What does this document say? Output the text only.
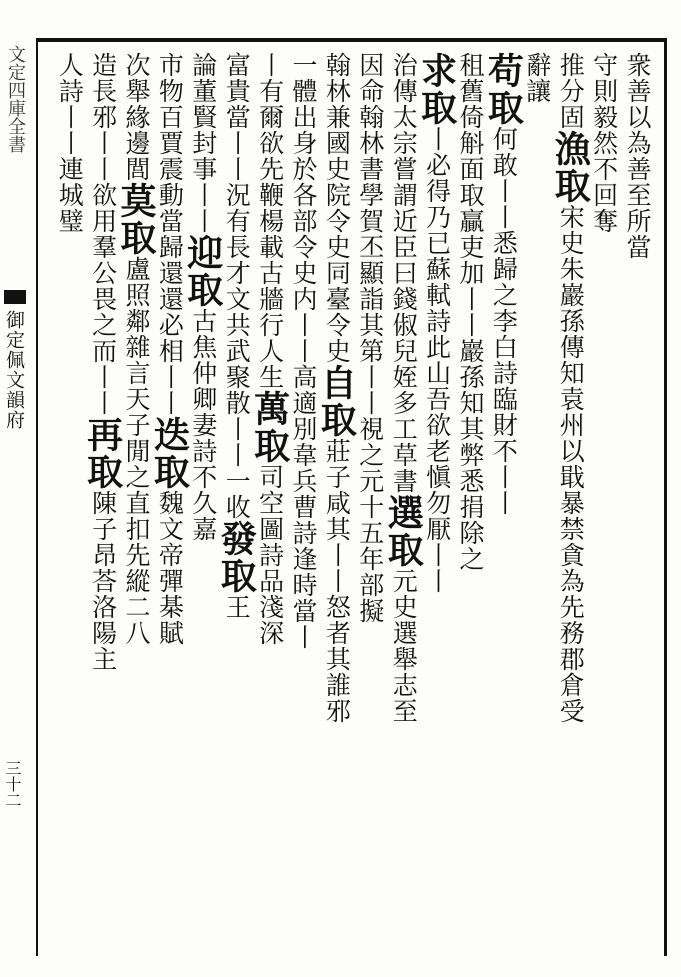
文定四庫全書
御定佩文韻府
三十二
衆善以為善至所當
守則毅然不回奪
推分固漁取宋史朱巖孫傳知袁州以戢暴禁貪為先務郡倉受
辭讓
苟取何敢丨丨悉歸之李白詩臨財不丨丨
租舊倚斛面取贏吏加丨丨巖孫知其弊悉捐除之
求取丨必得乃已蘇軾詩此山吾欲老愼勿厭丨丨
治傳太宗嘗謂近臣曰錢俶兒姪多工草書選取元史選舉志至
因命翰林書學賀丕顯詣其第丨丨視之元十五年部擬
翰林兼國史院令史同臺令史自取莊子咸其丨丨怒者其誰邪
一體出身於各部令史内丨丨高適別韋兵曹詩逢時當丨
丨有爾欲先鞭楊載古牆行人生萬取司空圖詩品淺深
富貴當丨丨況有長才文共武聚散丨丨一收發取王
論董賢封事丨丨迎取古焦仲卿妻詩不久嘉
市物百賈震動當歸還還必相丨丨迭取魏文帝彈棊賦
次舉緣邊閭莫取盧照鄰雜言天子閒之直扣先縱二八
造長邪丨丨欲用羣公畏之而丨丨再取陳子昂荅洛陽主
人詩丨丨連城璧
